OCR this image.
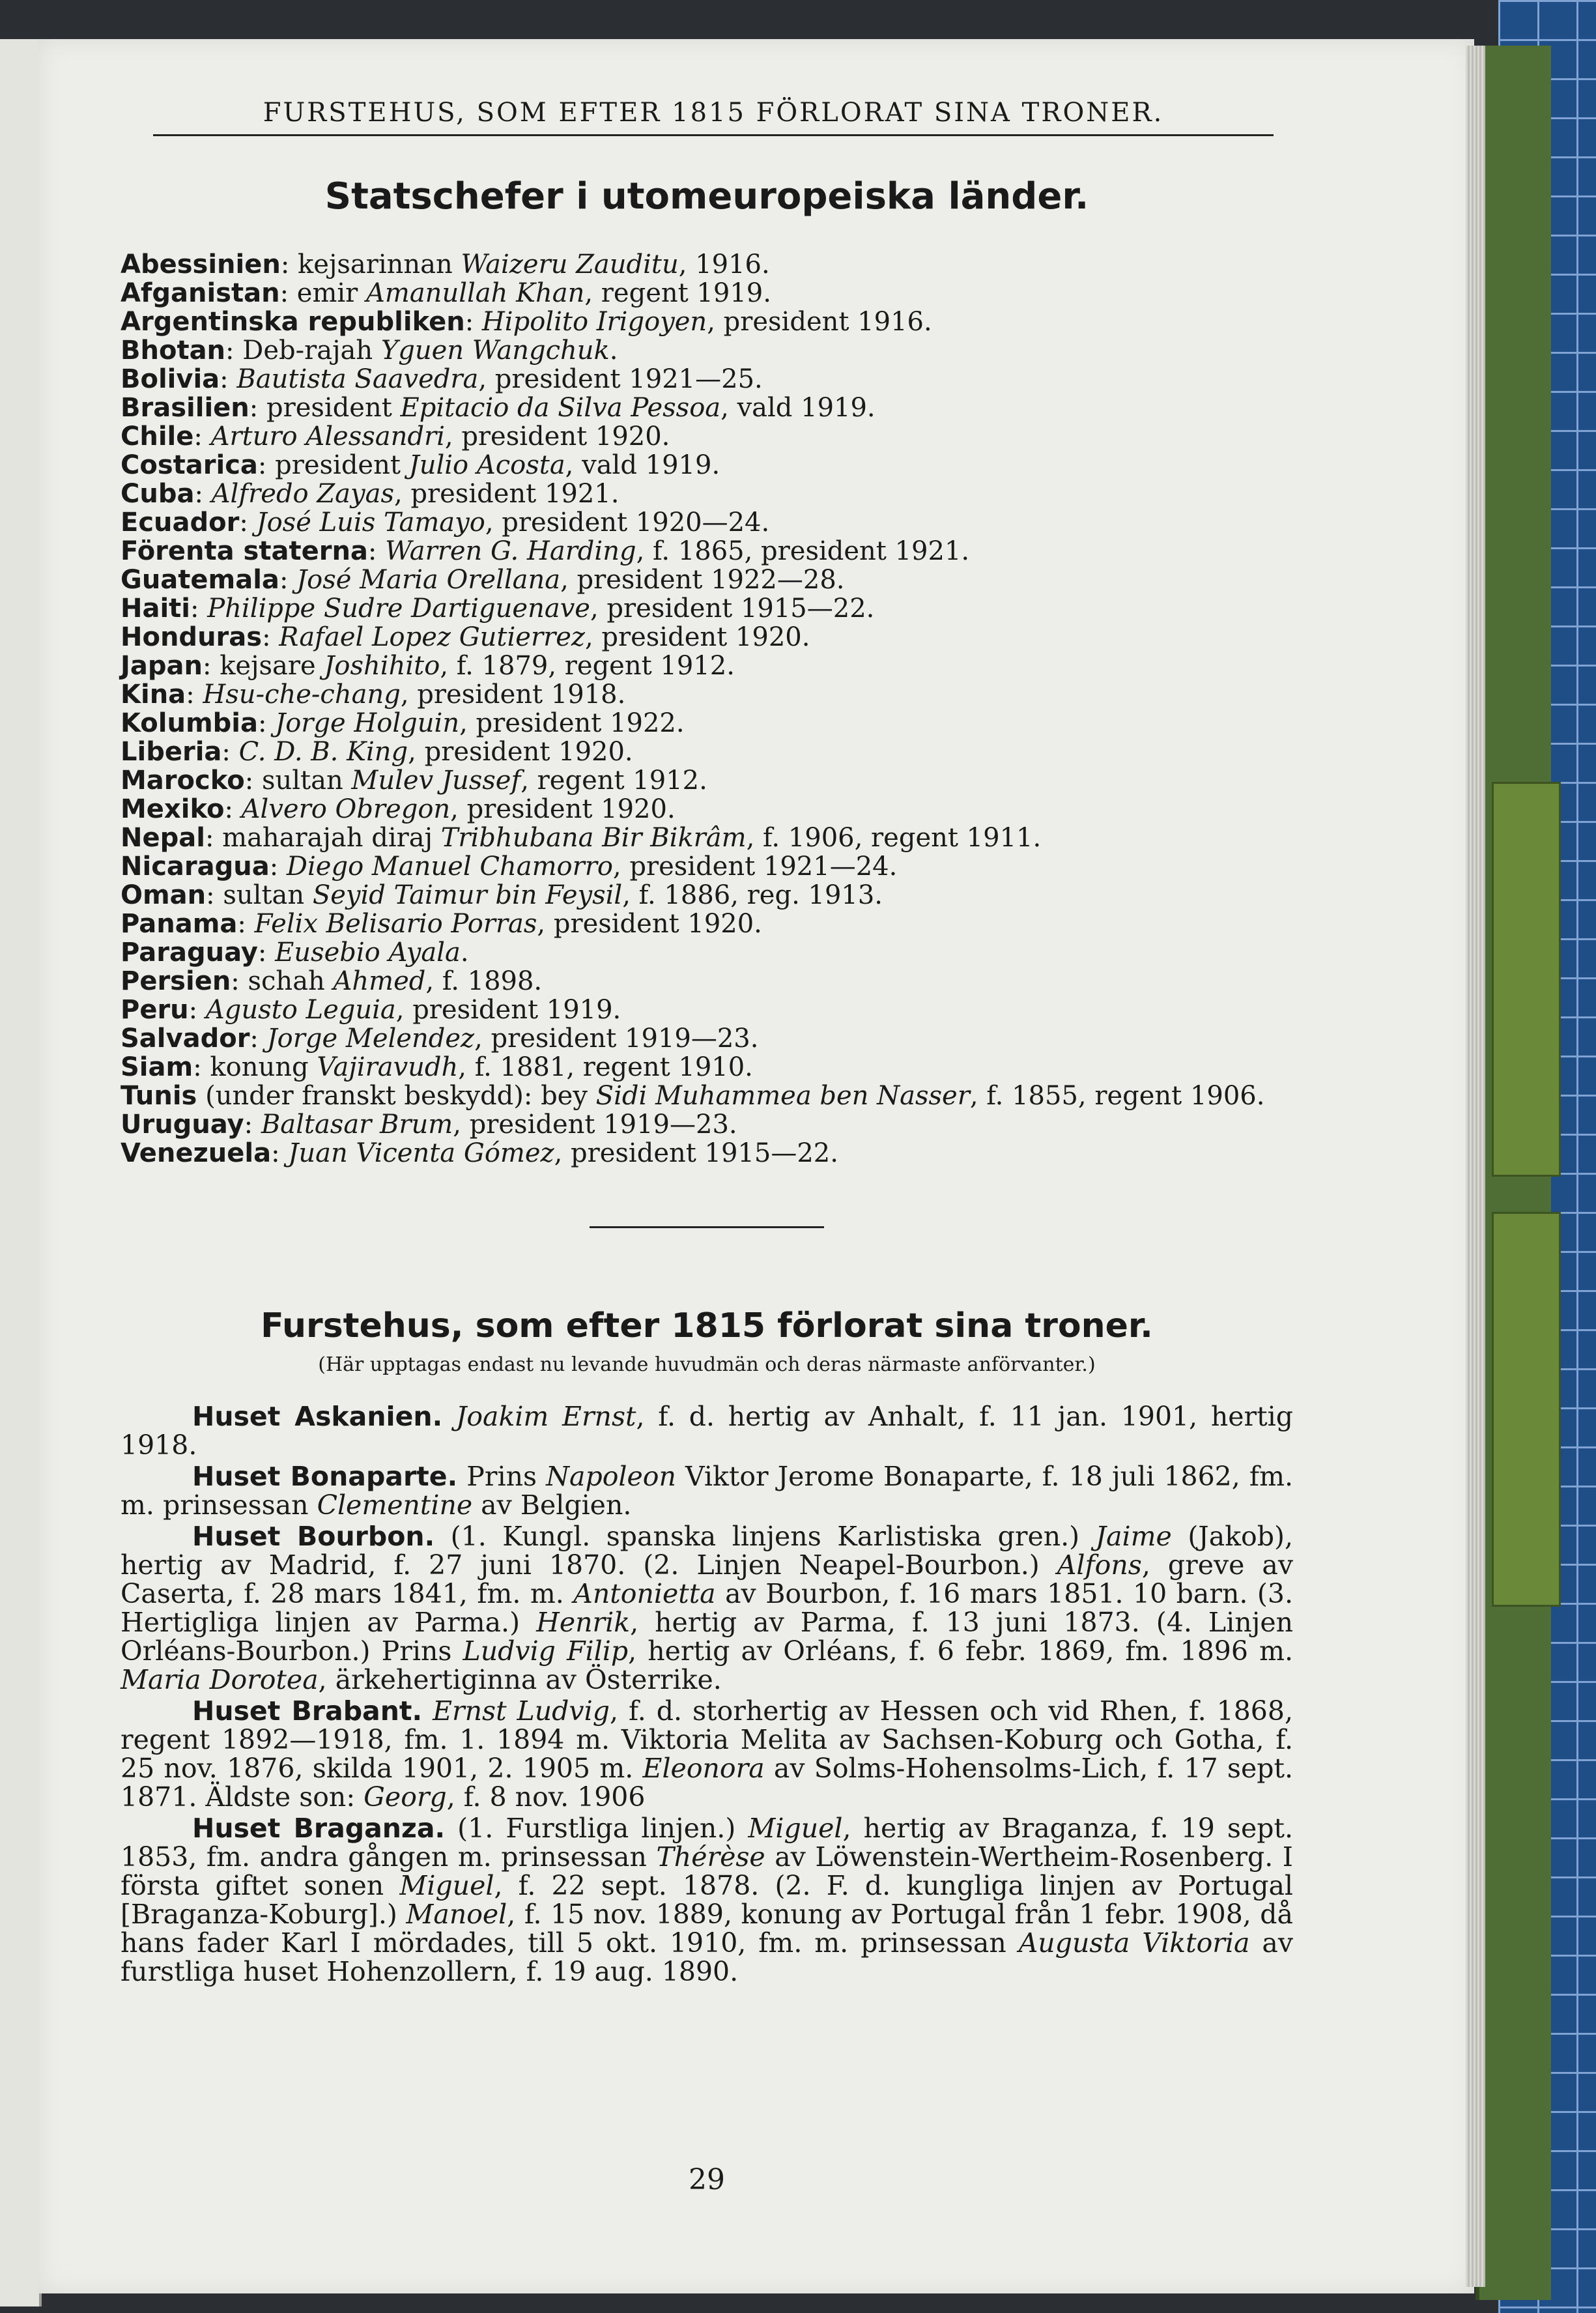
FURSTEHUS, SOM EFTER 1815 FÖRLORAT SINA TRONER.
Statschefer i utomeuropeiska länder.

Abessinien: kejsarinnan Waizeru Zauditu, 1916.

Afganistan: emir Amanullah Khan, regent 1919.

Argentinska republiken: Hipolito Irigoyen, president 1916.

Bhotan: Deb-rajah Yguen Wangchuk.

Bolivia: Bautista Saavedra, president 1921—25.

Brasilien: president Epitacio da Silva Pessoa, vald 1919.

Chile: Arturo Alessandri, president 1920.

Costarica: president Julio Acosta, vald 1919.

Cuba: Alfredo Zayas, president 1921.

Ecuador: José Luis Tamayo, president 1920—24.

Förenta staterna: Warren G. Harding, f. 1865, president 1921.

Guatemala: José Maria Orellana, president 1922—28.

Haiti: Philippe Sudre Dartiguenave, president 1915—22.

Honduras: Rafael Lopez Gutierrez, president 1920.

Japan: kejsare Joshihito, f. 1879, regent 1912.

Kina: Hsu-che-chang, president 1918.

Kolumbia: Jorge Holguin, president 1922.

Liberia: C. D. B. King, president 1920.

Marocko: sultan Mulev Jussef, regent 1912.

Mexiko: Alvero Obregon, president 1920.

Nepal: maharajah diraj Tribhubana Bir Bikrâm, f. 1906, regent 1911.

Nicaragua: Diego Manuel Chamorro, president 1921—24.

Oman: sultan Seyid Taimur bin Feysil, f. 1886, reg. 1913.

Panama: Felix Belisario Porras, president 1920.

Paraguay: Eusebio Ayala.

Persien: schah Ahmed, f. 1898.

Peru: Agusto Leguia, president 1919.

Salvador: Jorge Melendez, president 1919—23.

Siam: konung Vajiravudh, f. 1881, regent 1910.

Tunis (under franskt beskydd): bey Sidi Muhammea ben Nasser, f. 1855, regent 1906.

Uruguay: Baltasar Brum, president 1919—23.

Venezuela: Juan Vicenta Gómez, president 1915—22.

Furstehus, som efter 1815 förlorat sina troner.
(Här upptagas endast nu levande huvudmän och deras närmaste anförvanter.)

Huset Askanien. Joakim Ernst, f. d. hertig av Anhalt, f. 11 jan. 1901, hertig 1918.

Huset Bonaparte. Prins Napoleon Viktor Jerome Bonaparte, f. 18 juli 1862, fm. m. prinsessan Clementine av Belgien.

Huset Bourbon. (1. Kungl. spanska linjens Karlistiska gren.) Jaime (Jakob), hertig av Madrid, f. 27 juni 1870. (2. Linjen Neapel-Bourbon.) Alfons, greve av Caserta, f. 28 mars 1841, fm. m. Antonietta av Bourbon, f. 16 mars 1851. 10 barn. (3. Hertigliga linjen av Parma.) Henrik, hertig av Parma, f. 13 juni 1873. (4. Linjen Orléans-Bourbon.) Prins Ludvig Filip, hertig av Orléans, f. 6 febr. 1869, fm. 1896 m. Maria Dorotea, ärkehertiginna av Österrike.

Huset Brabant. Ernst Ludvig, f. d. storhertig av Hessen och vid Rhen, f. 1868, regent 1892—1918, fm. 1. 1894 m. Viktoria Melita av Sachsen-Koburg och Gotha, f. 25 nov. 1876, skilda 1901, 2. 1905 m. Eleonora av Solms-Hohensolms-Lich, f. 17 sept. 1871. Äldste son: Georg, f. 8 nov. 1906

Huset Braganza. (1. Furstliga linjen.) Miguel, hertig av Braganza, f. 19 sept. 1853, fm. andra gången m. prinsessan Thérèse av Löwenstein-Wertheim-Rosenberg. I första giftet sonen Miguel, f. 22 sept. 1878. (2. F. d. kungliga linjen av Portugal [Braganza-Koburg].) Manoel, f. 15 nov. 1889, konung av Portugal från 1 febr. 1908, då hans fader Karl I mördades, till 5 okt. 1910, fm. m. prinsessan Augusta Viktoria av furstliga huset Hohenzollern, f. 19 aug. 1890.

29
